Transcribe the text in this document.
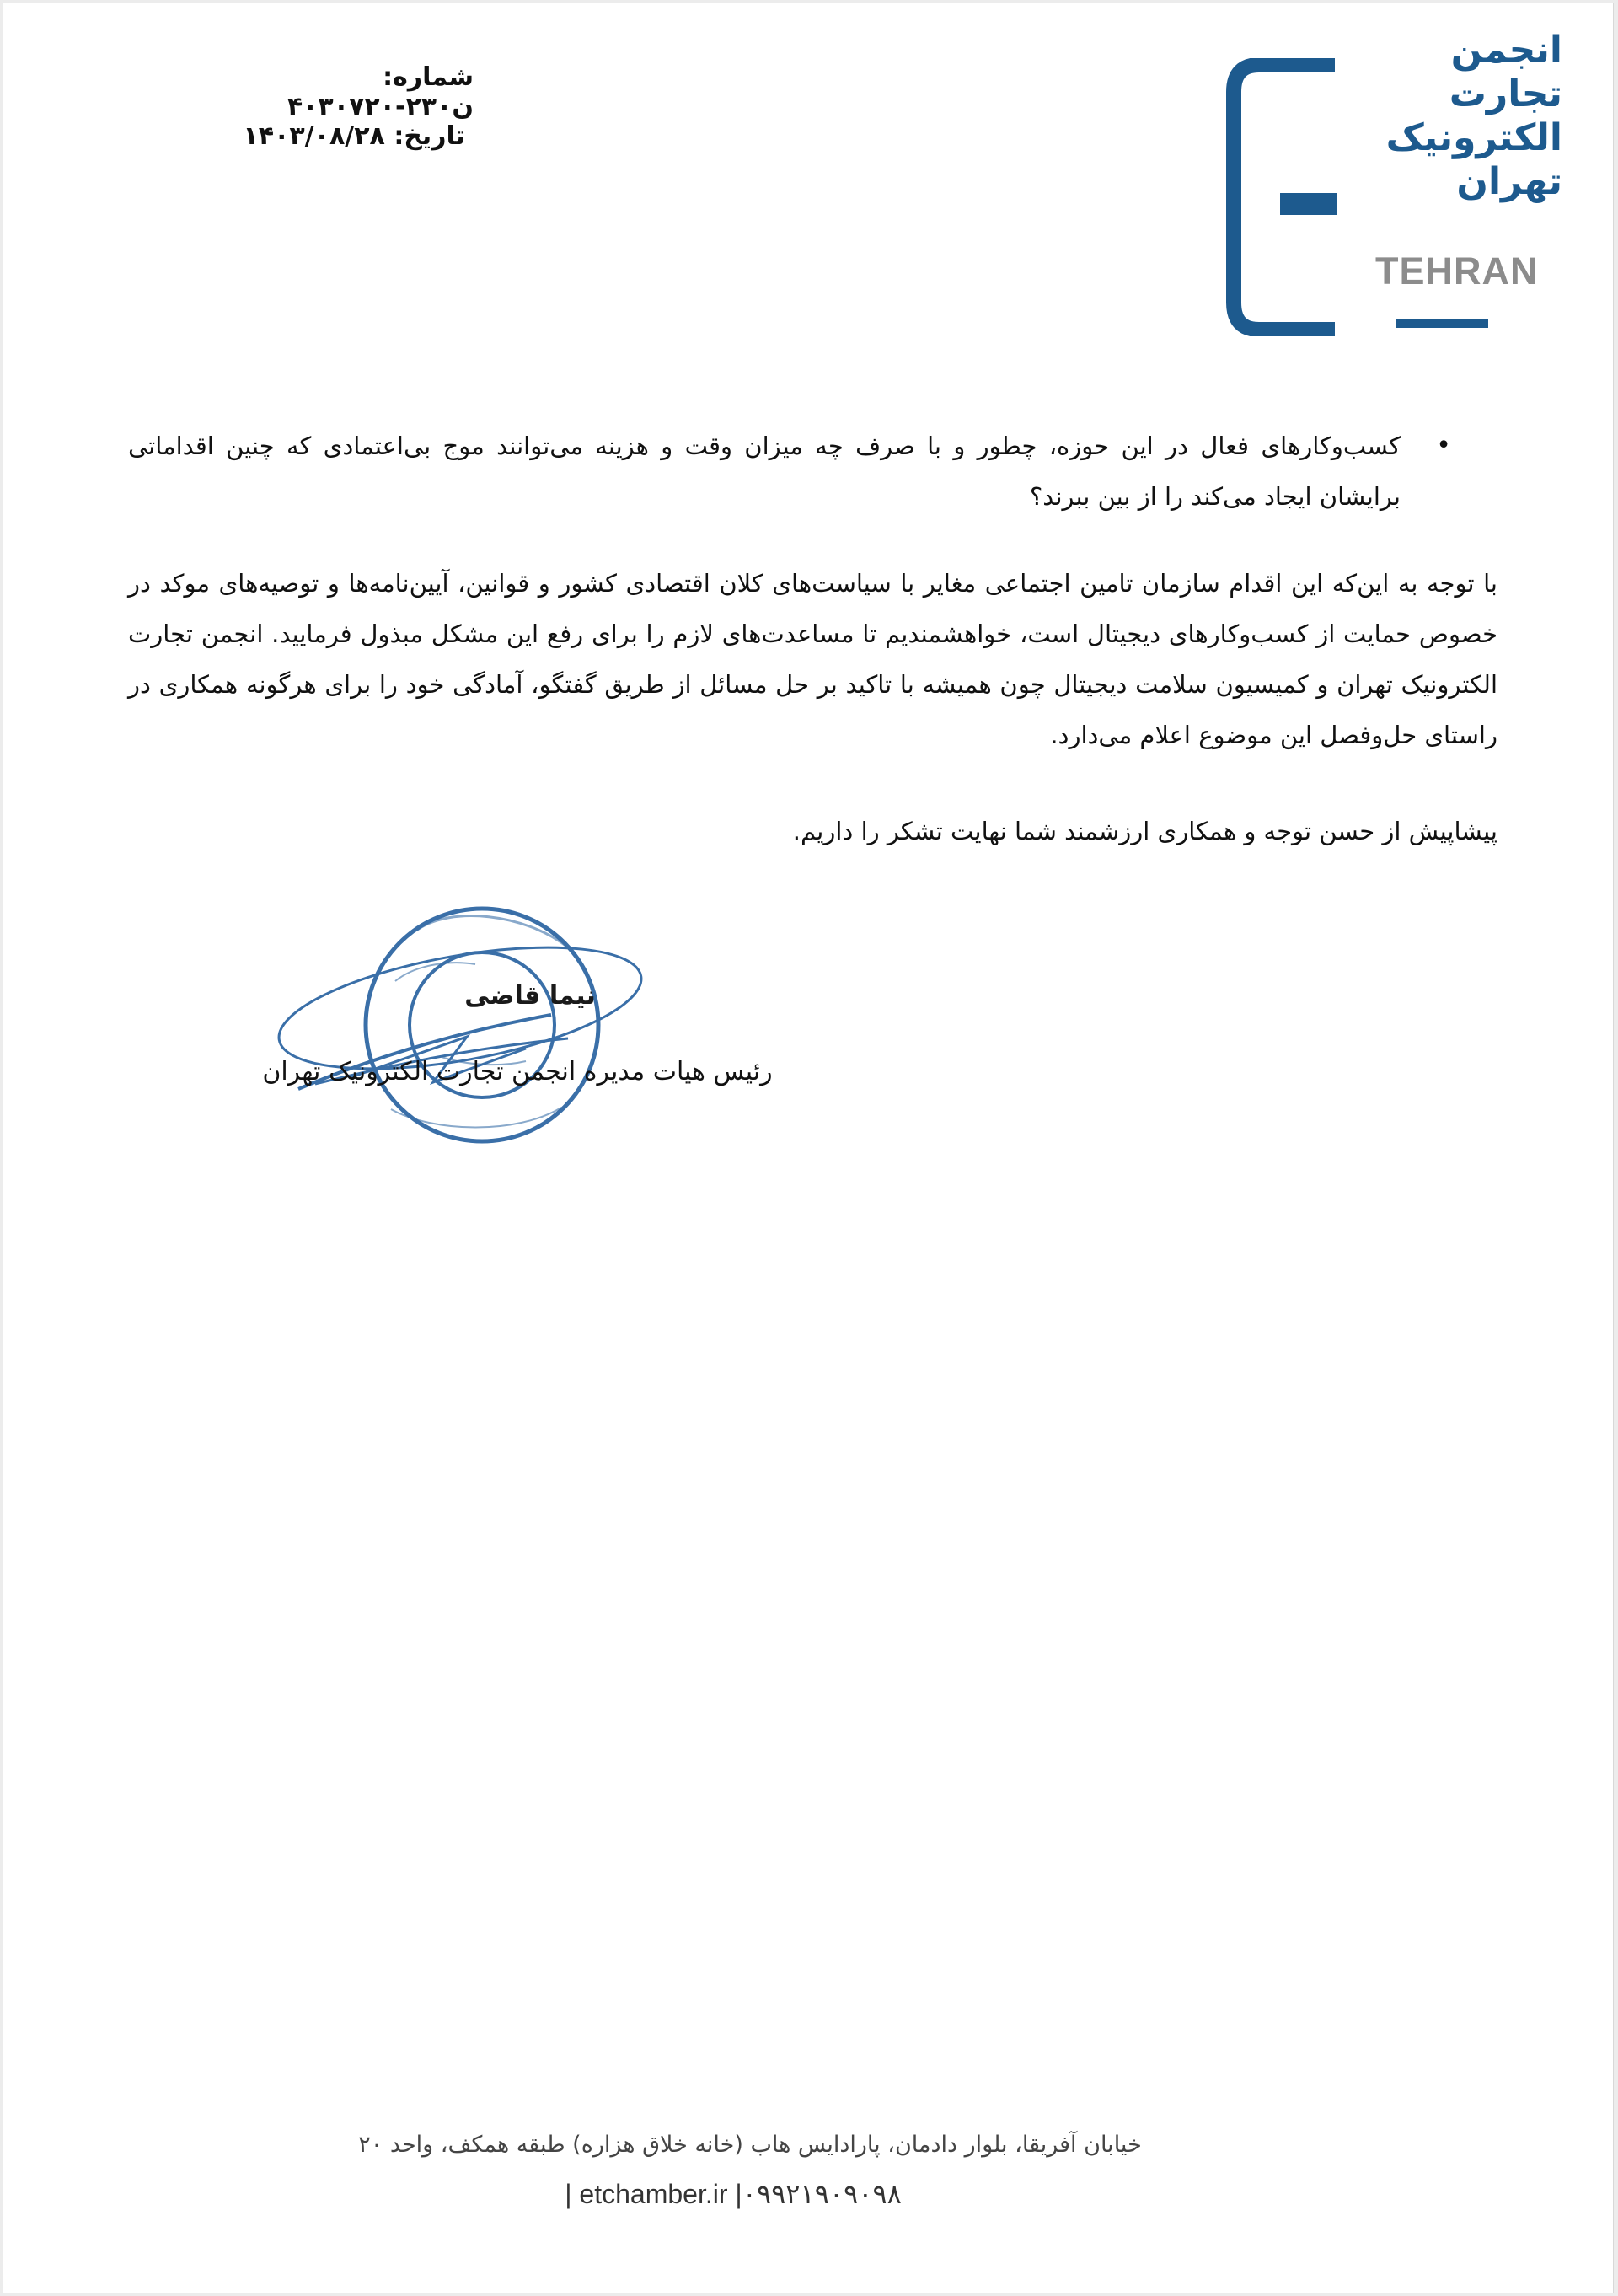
شماره: ن۲۳۰-۴۰۳۰۷۲۰
تاریخ: ۱۴۰۳/۰۸/۲۸
انجمن
تجارت
الکترونیک
تهران
TEHRAN
•
کسب‌وکارهای فعال در این حوزه، چطور و با صرف چه میزان وقت و هزینه می‌توانند موج بی‌اعتمادی که چنین اقداماتی برایشان ایجاد می‌کند را از بین ببرند؟
با توجه به این‌که این اقدام سازمان تامین اجتماعی مغایر با سیاست‌های کلان اقتصادی کشور و قوانین، آیین‌نامه‌ها و توصیه‌های موکد در خصوص حمایت از کسب‌وکارهای دیجیتال است، خواهشمندیم تا مساعدت‌های لازم را برای رفع این مشکل مبذول فرمایید. انجمن تجارت الکترونیک تهران و کمیسیون سلامت دیجیتال چون همیشه با تاکید بر حل مسائل از طریق گفتگو، آمادگی خود را برای هرگونه همکاری در راستای حل‌وفصل این موضوع اعلام می‌دارد.
پیشاپیش از حسن توجه و همکاری ارزشمند شما نهایت تشکر را داریم.
نیما قاضی
رئیس هیات مدیره انجمن تجارت الکترونیک تهران
خیابان آفریقا، بلوار دادمان، پارادایس هاب (خانه خلاق هزاره) طبقه همکف، واحد ۲۰
| etchamber.ir |۰۹۹۲۱۹۰۹۰۹۸
